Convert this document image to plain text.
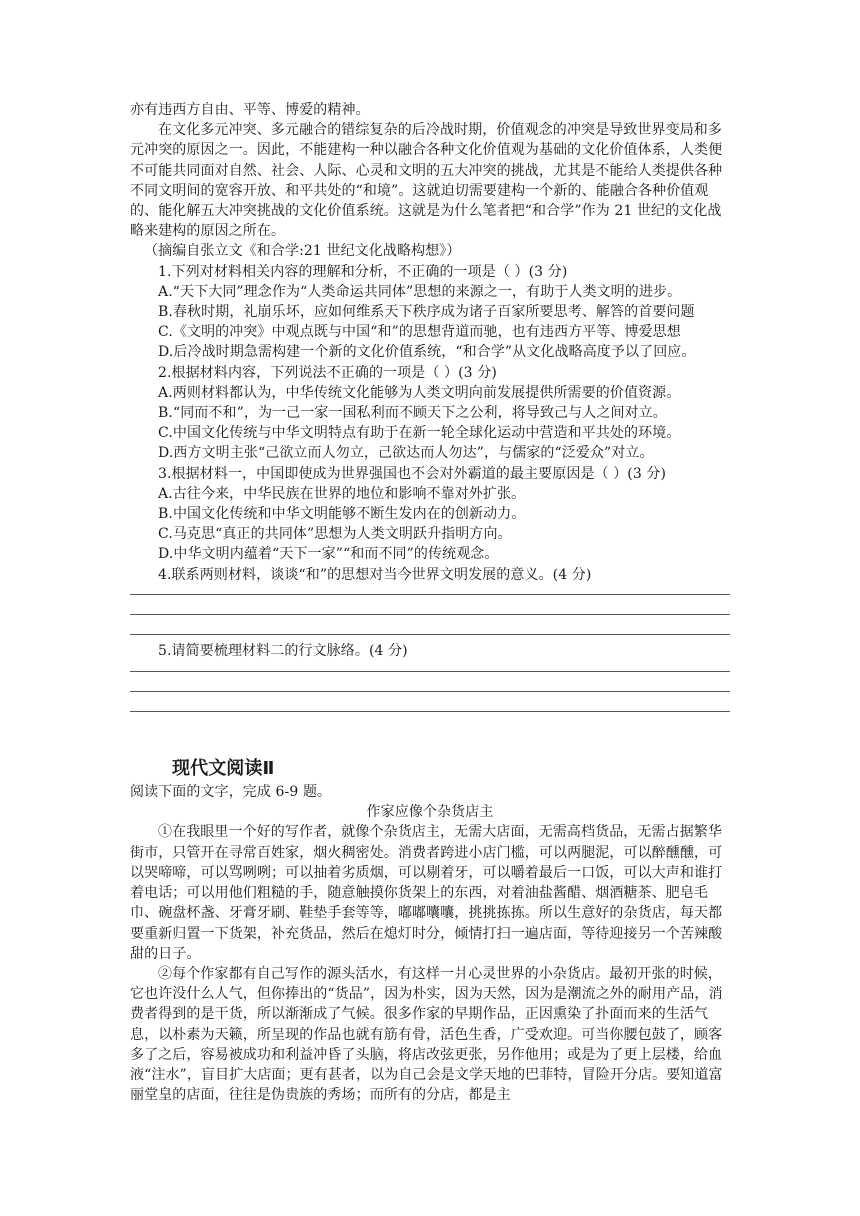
亦有违西方自由、平等、博爱的精神。

在文化多元冲突、多元融合的错综复杂的后冷战时期，价值观念的冲突是导致世界变局和多元冲突的原因之一。因此，不能建构一种以融合各种文化价值观为基础的文化价值体系，人类便不可能共同面对自然、社会、人际、心灵和文明的五大冲突的挑战，尤其是不能给人类提供各种不同文明间的宽容开放、和平共处的“和境”。这就迫切需要建构一个新的、能融合各种价值观的、能化解五大冲突挑战的文化价值系统。这就是为什么笔者把“和合学”作为 21 世纪的文化战略来建构的原因之所在。

（摘编自张立文《和合学:21 世纪文化战略构想》）

1.下列对材料相关内容的理解和分析，不正确的一项是（ ）(3 分)

A.“天下大同”理念作为“人类命运共同体”思想的来源之一，有助于人类文明的进步。

B.春秋时期，礼崩乐坏，应如何维系天下秩序成为诸子百家所要思考、解答的首要问题

C.《文明的冲突》中观点既与中国“和”的思想背道而驰，也有违西方平等、博爱思想

D.后冷战时期急需构建一个新的文化价值系统，“和合学”从文化战略高度予以了回应。

2.根据材料内容，下列说法不正确的一项是（ ）(3 分)

A.两则材料都认为，中华传统文化能够为人类文明向前发展提供所需要的价值资源。

B.“同而不和”，为一己一家一国私利而不顾天下之公利，将导致己与人之间对立。

C.中国文化传统与中华文明特点有助于在新一轮全球化运动中营造和平共处的环境。

D.西方文明主张“己欲立而人勿立，己欲达而人勿达”，与儒家的“泛爱众”对立。

3.根据材料一，中国即使成为世界强国也不会对外霸道的最主要原因是（ ）(3 分)

A.古往今来，中华民族在世界的地位和影响不靠对外扩张。

B.中国文化传统和中华文明能够不断生发内在的创新动力。

C.马克思“真正的共同体”思想为人类文明跃升指明方向。

D.中华文明内蕴着“天下一家”“和而不同”的传统观念。

4.联系两则材料，谈谈“和”的思想对当今世界文明发展的意义。(4 分)

5.请简要梳理材料二的行文脉络。(4 分)

现代文阅读Ⅱ

阅读下面的文字，完成 6-9 题。

作家应像个杂货店主

①在我眼里一个好的写作者，就像个杂货店主，无需大店面，无需高档货品，无需占据繁华街市，只管开在寻常百姓家，烟火稠密处。消费者跨进小店门槛，可以两腿泥，可以醉醺醺，可以哭啼啼，可以骂咧咧；可以抽着劣质烟，可以剔着牙，可以嚼着最后一口饭，可以大声和谁打着电话；可以用他们粗糙的手，随意触摸你货架上的东西，对着油盐酱醋、烟酒糖茶、肥皂毛巾、碗盘杯盏、牙膏牙刷、鞋垫手套等等，嘟嘟囔囔，挑挑拣拣。所以生意好的杂货店，每天都要重新归置一下货架，补充货品，然后在熄灯时分，倾情打扫一遍店面，等待迎接另一个苦辣酸甜的日子。

②每个作家都有自己写作的源头活水，有这样一爿心灵世界的小杂货店。最初开张的时候，它也许没什么人气，但你捧出的“货品”，因为朴实，因为天然，因为是潮流之外的耐用产品，消费者得到的是干货，所以渐渐成了气候。很多作家的早期作品，正因熏染了扑面而来的生活气息，以朴素为天籁，所呈现的作品也就有筋有骨，活色生香，广受欢迎。可当你腰包鼓了，顾客多了之后，容易被成功和利益冲昏了头脑，将店改弦更张，另作他用；或是为了更上层楼，给血液“注水”，盲目扩大店面；更有甚者，以为自己会是文学天地的巴菲特，冒险开分店。要知道富丽堂皇的店面，往往是伪贵族的秀场；而所有的分店，都是主
